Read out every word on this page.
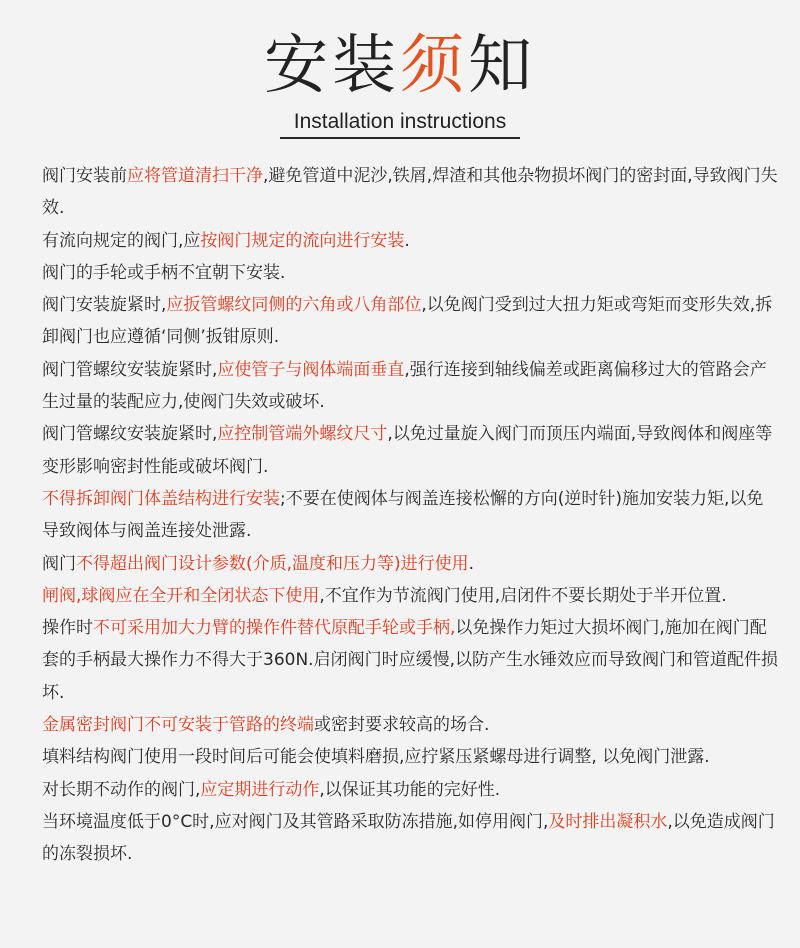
安装须知
Installation instructions

阀门安装前应将管道清扫干净,避免管道中泥沙,铁屑,焊渣和其他杂物损坏阀门的密封面,导致阀门失效.

有流向规定的阀门,应按阀门规定的流向进行安装.

阀门的手轮或手柄不宜朝下安装.

阀门安装旋紧时,应扳管螺纹同侧的六角或八角部位,以免阀门受到过大扭力矩或弯矩而变形失效,拆卸阀门也应遵循‘同侧’扳钳原则.

阀门管螺纹安装旋紧时,应使管子与阀体端面垂直,强行连接到轴线偏差或距离偏移过大的管路会产生过量的装配应力,使阀门失效或破坏.

阀门管螺纹安装旋紧时,应控制管端外螺纹尺寸,以免过量旋入阀门而顶压内端面,导致阀体和阀座等变形影响密封性能或破坏阀门.

不得拆卸阀门体盖结构进行安装;不要在使阀体与阀盖连接松懈的方向(逆时针)施加安装力矩,以免导致阀体与阀盖连接处泄露.

阀门不得超出阀门设计参数(介质,温度和压力等)进行使用.

闸阀,球阀应在全开和全闭状态下使用,不宜作为节流阀门使用,启闭件不要长期处于半开位置.

操作时不可采用加大力臂的操作件替代原配手轮或手柄,以免操作力矩过大损坏阀门,施加在阀门配套的手柄最大操作力不得大于360N.启闭阀门时应缓慢,以防产生水锤效应而导致阀门和管道配件损坏.

金属密封阀门不可安装于管路的终端或密封要求较高的场合.

填料结构阀门使用一段时间后可能会使填料磨损,应拧紧压紧螺母进行调整, 以免阀门泄露.

对长期不动作的阀门,应定期进行动作,以保证其功能的完好性.

当环境温度低于0°C时,应对阀门及其管路采取防冻措施,如停用阀门,及时排出凝积水,以免造成阀门的冻裂损坏.
